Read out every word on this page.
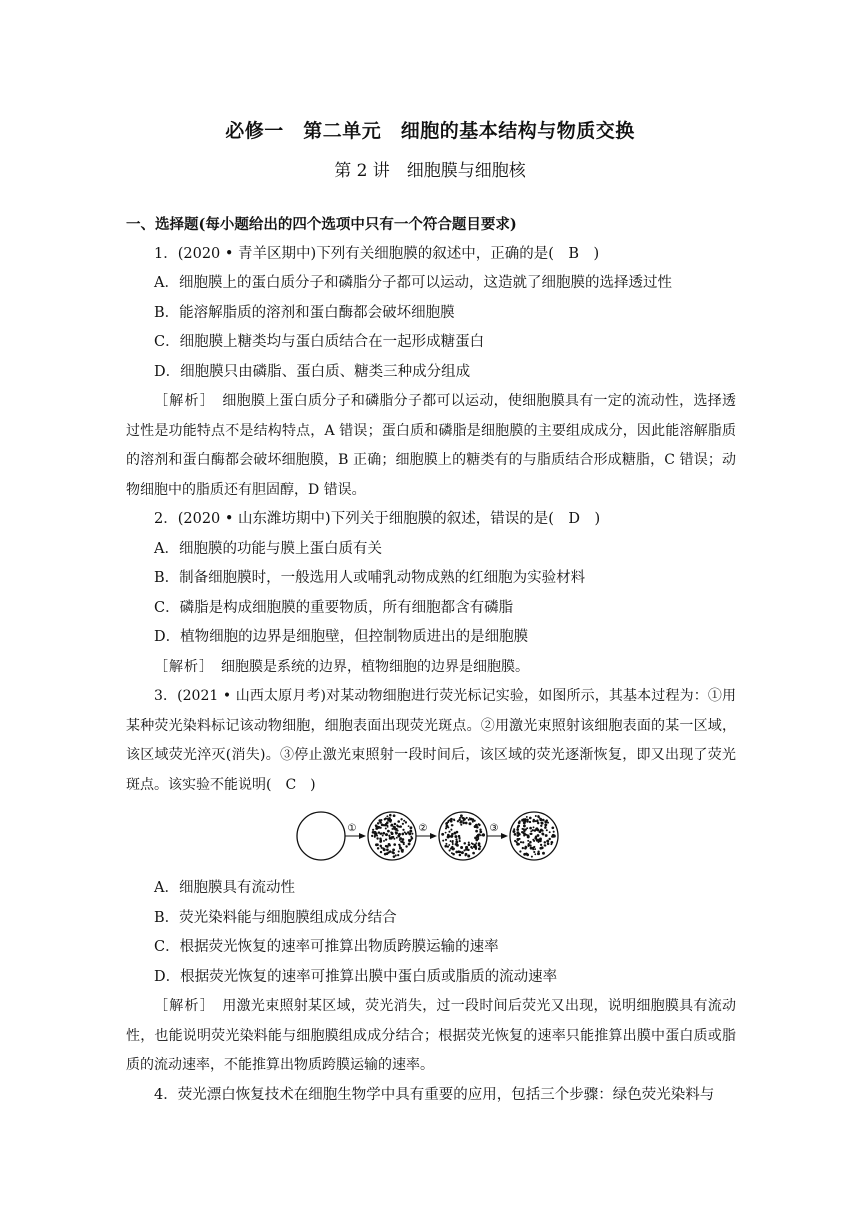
必修一　第二单元　细胞的基本结构与物质交换
第 2 讲　细胞膜与细胞核
一、选择题(每小题给出的四个选项中只有一个符合题目要求)
1．(2020 • 青羊区期中)下列有关细胞膜的叙述中，正确的是(　B　)
A．细胞膜上的蛋白质分子和磷脂分子都可以运动，这造就了细胞膜的选择透过性
B．能溶解脂质的溶剂和蛋白酶都会破坏细胞膜
C．细胞膜上糖类均与蛋白质结合在一起形成糖蛋白
D．细胞膜只由磷脂、蛋白质、糖类三种成分组成
［解析］　细胞膜上蛋白质分子和磷脂分子都可以运动，使细胞膜具有一定的流动性，选择透过性是功能特点不是结构特点，A 错误；蛋白质和磷脂是细胞膜的主要组成成分，因此能溶解脂质的溶剂和蛋白酶都会破坏细胞膜，B 正确；细胞膜上的糖类有的与脂质结合形成糖脂，C 错误；动物细胞中的脂质还有胆固醇，D 错误。
2．(2020 • 山东潍坊期中)下列关于细胞膜的叙述，错误的是(　D　)
A．细胞膜的功能与膜上蛋白质有关
B．制备细胞膜时，一般选用人或哺乳动物成熟的红细胞为实验材料
C．磷脂是构成细胞膜的重要物质，所有细胞都含有磷脂
D．植物细胞的边界是细胞壁，但控制物质进出的是细胞膜
［解析］　细胞膜是系统的边界，植物细胞的边界是细胞膜。
3．(2021 • 山西太原月考)对某动物细胞进行荧光标记实验，如图所示，其基本过程为：①用某种荧光染料标记该动物细胞，细胞表面出现荧光斑点。②用激光束照射该细胞表面的某一区域，该区域荧光淬灭(消失)。③停止激光束照射一段时间后，该区域的荧光逐渐恢复，即又出现了荧光斑点。该实验不能说明(　C　)
①	②	③
A．细胞膜具有流动性
B．荧光染料能与细胞膜组成成分结合
C．根据荧光恢复的速率可推算出物质跨膜运输的速率
D．根据荧光恢复的速率可推算出膜中蛋白质或脂质的流动速率
［解析］　用激光束照射某区域，荧光消失，过一段时间后荧光又出现，说明细胞膜具有流动性，也能说明荧光染料能与细胞膜组成成分结合；根据荧光恢复的速率只能推算出膜中蛋白质或脂质的流动速率，不能推算出物质跨膜运输的速率。
4．荧光漂白恢复技术在细胞生物学中具有重要的应用，包括三个步骤：绿色荧光染料与
